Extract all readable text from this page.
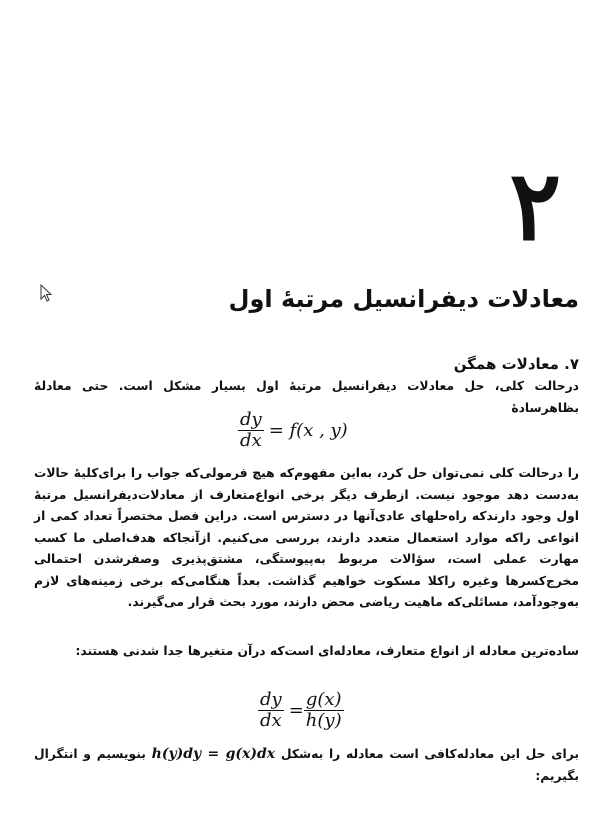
۲
معادلات دیفرانسیل مرتبهٔ اول
۷. معادلات همگن
درحالت کلی، حل معادلات دیفرانسیل مرتبهٔ اول بسیار مشکل است. حتی معادلهٔ بظاهرسادهٔ
$\frac{dy}{dx} = f(x$ , y)
را درحالت کلی نمی‌توان حل کرد، به‌این مفهوم‌که هیچ فرمولی‌که جواب را برای‌کلیهٔ حالات به‌دست دهد موجود نیست. ازطرف دیگر برخی انواع‌متعارف از معادلات‌دیفرانسیل مرتبهٔ اول وجود دارندکه راه‌حلهای عادی‌آنها در دسترس است. دراین فصل مختصراً تعداد کمی از انواعی را‌که موارد استعمال متعدد دارند، بررسی می‌کنیم. ازآنجاکه هدف‌اصلی ما کسب مهارت عملی است، سؤالات مربوط به‌پیوستگی، مشتق‌پذیری وصفرشدن احتمالی مخرج‌کسرها وغیره راکلا مسکوت خواهیم گذاشت. بعداً هنگامی‌که برخی زمینه‌های لازم به‌وجودآمد، مسائلی‌که ماهیت ریاضی محض دارند، مورد بحث قرار می‌گیرند.
ساده‌ترین معادله از انواع متعارف، معادله‌ای است‌که درآن متغیرها جدا شدنی هستند:
$\frac{dy}{dx} = \frac{g(x)}{h(y)}$
برای حل این معادله‌کافی است معادله را به‌شکل h(y)dy = g(x)dx بنویسیم و انتگرال بگیریم:
